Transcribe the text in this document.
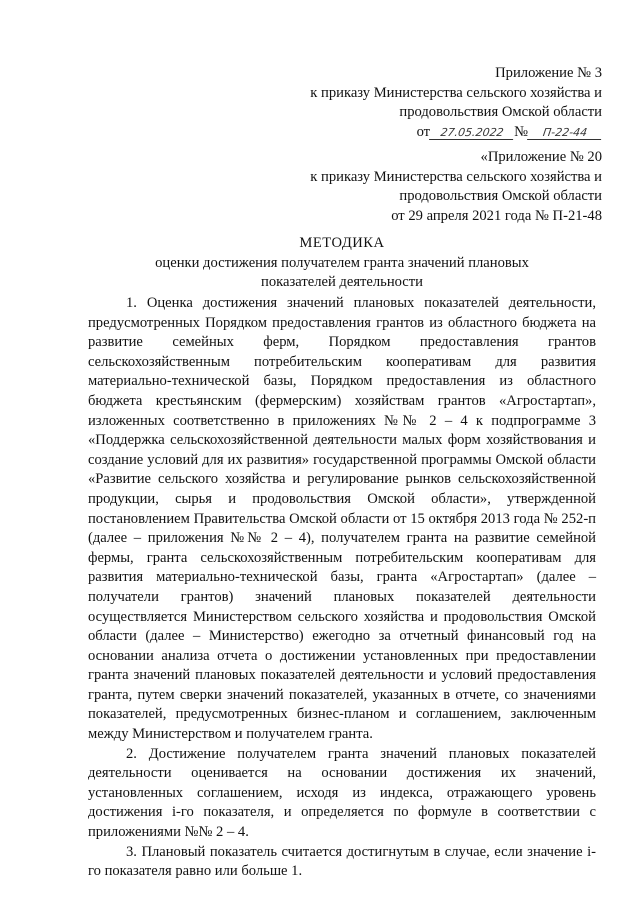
Приложение № 3
к приказу Министерства сельского хозяйства и
продовольствия Омской области
от 27.05.2022 № П-22-44
«Приложение № 20
к приказу Министерства сельского хозяйства и
продовольствия Омской области
от 29 апреля 2021 года № П-21-48
МЕТОДИКА
оценки достижения получателем гранта значений плановых
показателей деятельности

1. Оценка достижения значений плановых показателей деятельности, предусмотренных Порядком предоставления грантов из областного бюджета на развитие семейных ферм, Порядком предоставления грантов сельскохозяйственным потребительским кооперативам для развития материально-технической базы, Порядком предоставления из областного бюджета крестьянским (фермерским) хозяйствам грантов «Агростартап», изложенных соответственно в приложениях №№ 2 – 4 к подпрограмме 3 «Поддержка сельскохозяйственной деятельности малых форм хозяйствования и создание условий для их развития» государственной программы Омской области «Развитие сельского хозяйства и регулирование рынков сельскохозяйственной продукции, сырья и продовольствия Омской области», утвержденной постановлением Правительства Омской области от 15 октября 2013 года № 252-п (далее – приложения №№ 2 – 4), получателем гранта на развитие семейной фермы, гранта сельскохозяйственным потребительским кооперативам для развития материально-технической базы, гранта «Агростартап» (далее – получатели грантов) значений плановых показателей деятельности осуществляется Министерством сельского хозяйства и продовольствия Омской области (далее – Министерство) ежегодно за отчетный финансовый год на основании анализа отчета о достижении установленных при предоставлении гранта значений плановых показателей деятельности и условий предоставления гранта, путем сверки значений показателей, указанных в отчете, со значениями показателей, предусмотренных бизнес-планом и соглашением, заключенным между Министерством и получателем гранта.

2. Достижение получателем гранта значений плановых показателей деятельности оценивается на основании достижения их значений, установленных соглашением, исходя из индекса, отражающего уровень достижения i-го показателя, и определяется по формуле в соответствии с приложениями №№ 2 – 4.

3. Плановый показатель считается достигнутым в случае, если значение i-го показателя равно или больше 1.
